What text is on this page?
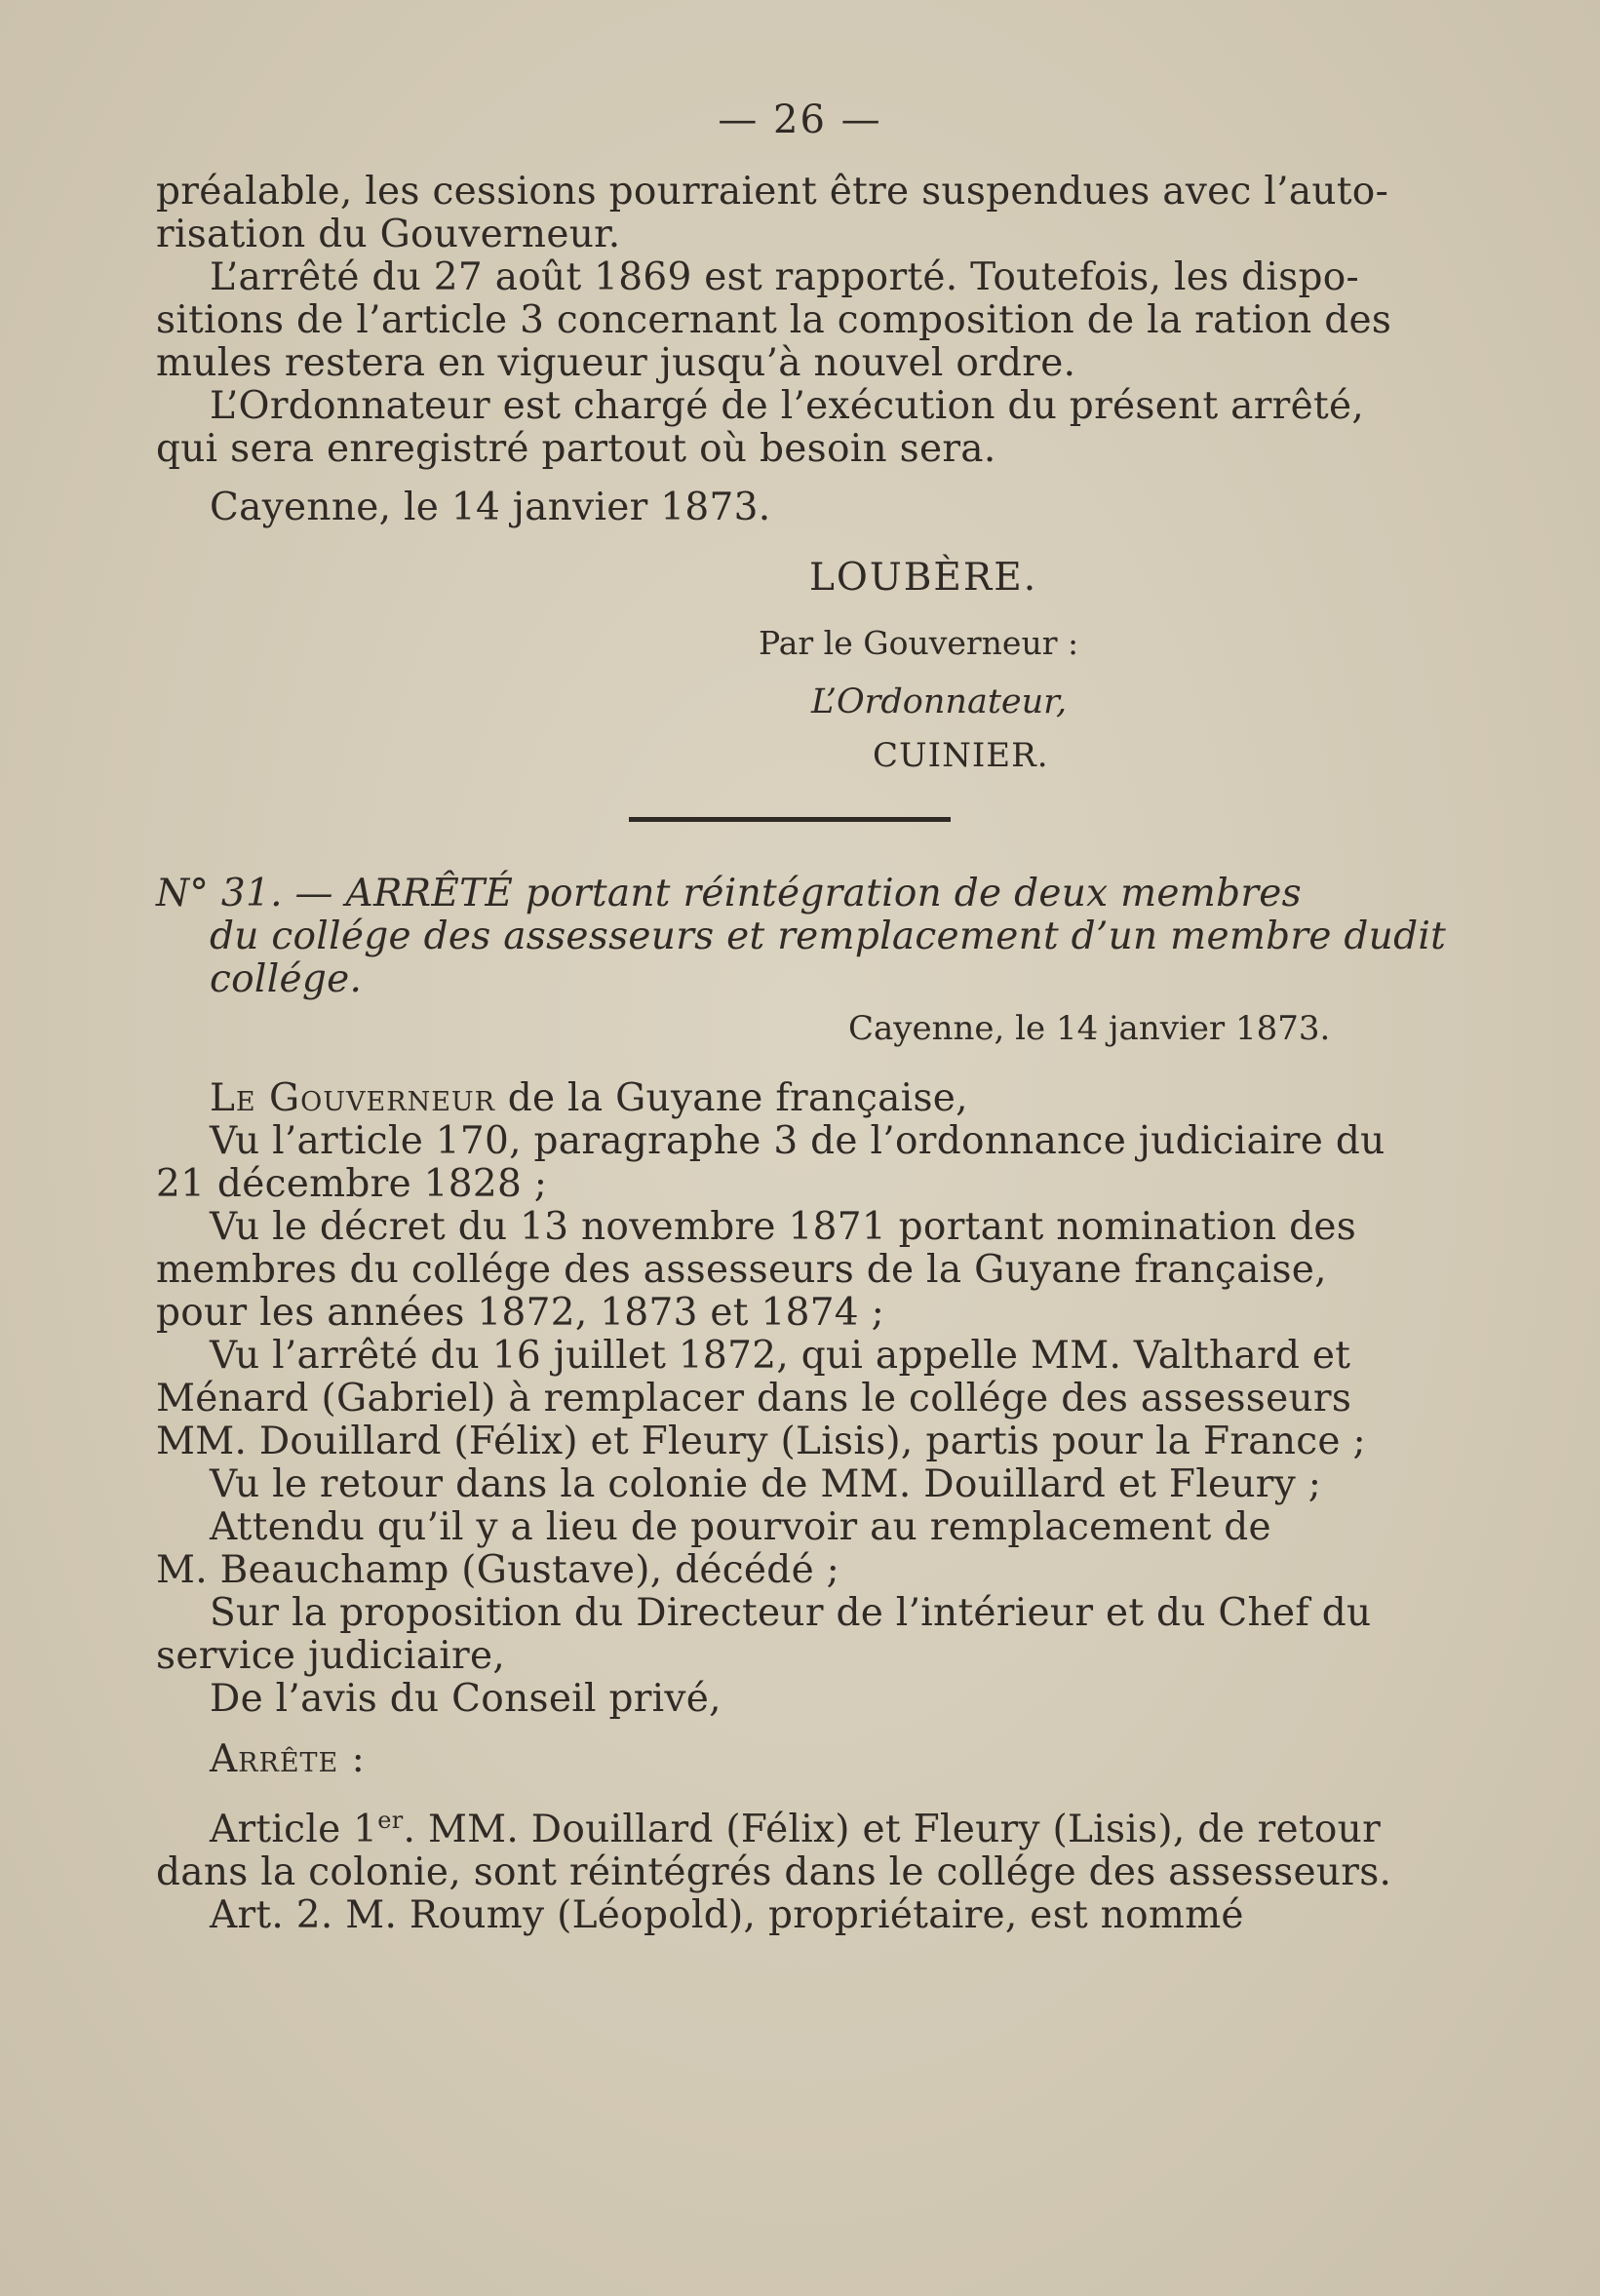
— 26 —
préalable, les cessions pourraient être suspendues avec l’auto-
risation du Gouverneur.
L’arrêté du 27 août 1869 est rapporté. Toutefois, les dispo-
sitions de l’article 3 concernant la composition de la ration des
mules restera en vigueur jusqu’à nouvel ordre.
L’Ordonnateur est chargé de l’exécution du présent arrêté,
qui sera enregistré partout où besoin sera.
Cayenne, le 14 janvier 1873.
LOUBÈRE.
Par le Gouverneur :
L’Ordonnateur,
CUINIER.
N° 31. — ARRÊTÉ portant réintégration de deux membres
du collége des assesseurs et remplacement d’un membre dudit
collége.
Cayenne, le 14 janvier 1873.
Le Gouverneur de la Guyane française,
Vu l’article 170, paragraphe 3 de l’ordonnance judiciaire du
21 décembre 1828 ;
Vu le décret du 13 novembre 1871 portant nomination des
membres du collége des assesseurs de la Guyane française,
pour les années 1872, 1873 et 1874 ;
Vu l’arrêté du 16 juillet 1872, qui appelle MM. Valthard et
Ménard (Gabriel) à remplacer dans le collége des assesseurs
MM. Douillard (Félix) et Fleury (Lisis), partis pour la France ;
Vu le retour dans la colonie de MM. Douillard et Fleury ;
Attendu qu’il y a lieu de pourvoir au remplacement de
M. Beauchamp (Gustave), décédé ;
Sur la proposition du Directeur de l’intérieur et du Chef du
service judiciaire,
De l’avis du Conseil privé,
Arrête :
Article 1er. MM. Douillard (Félix) et Fleury (Lisis), de retour
dans la colonie, sont réintégrés dans le collége des assesseurs.
Art. 2. M. Roumy (Léopold), propriétaire, est nommé
